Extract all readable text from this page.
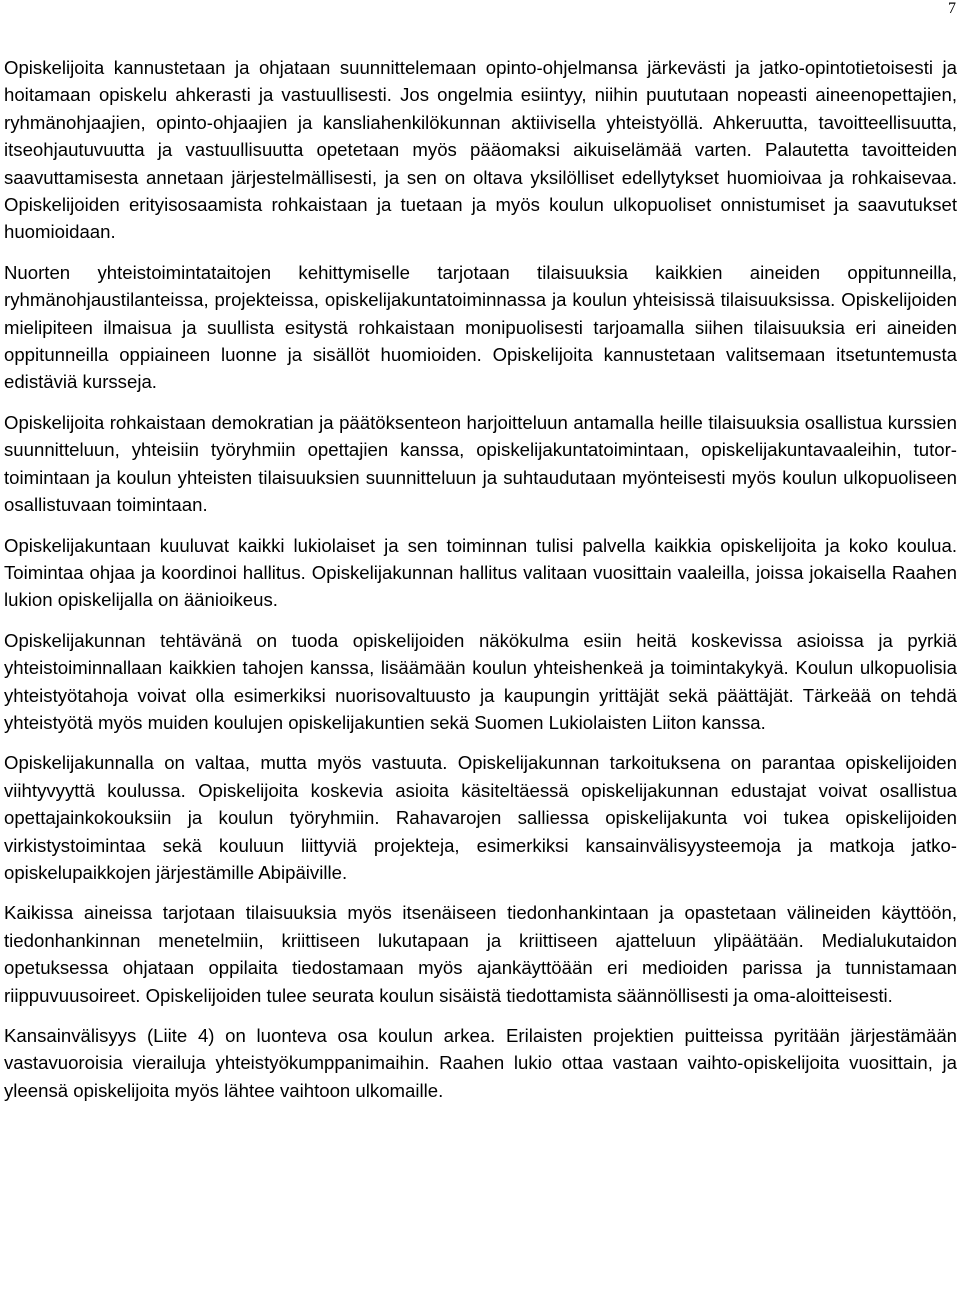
7

Opiskelijoita kannustetaan ja ohjataan suunnittelemaan opinto-ohjelmansa järkevästi ja jatko-opintotietoisesti ja hoitamaan opiskelu ahkerasti ja vastuullisesti. Jos ongelmia esiintyy, niihin puututaan nopeasti aineenopettajien, ryhmänohjaajien, opinto-ohjaajien ja kansliahenkilökunnan aktiivisella yhteistyöllä. Ahkeruutta, tavoitteellisuutta, itseohjautuvuutta ja vastuullisuutta opetetaan myös pääomaksi aikuiselämää varten. Palautetta tavoitteiden saavuttamisesta annetaan järjestelmällisesti, ja sen on oltava yksilölliset edellytykset huomioivaa ja rohkaisevaa. Opiskelijoiden erityisosaamista rohkaistaan ja tuetaan ja myös koulun ulkopuoliset onnistumiset ja saavutukset huomioidaan.

Nuorten yhteistoimintataitojen kehittymiselle tarjotaan tilaisuuksia kaikkien aineiden oppitunneilla, ryhmänohjaustilanteissa, projekteissa, opiskelijakuntatoiminnassa ja koulun yhteisissä tilaisuuksissa. Opiskelijoiden mielipiteen ilmaisua ja suullista esitystä rohkaistaan monipuolisesti tarjoamalla siihen tilaisuuksia eri aineiden oppitunneilla oppiaineen luonne ja sisällöt huomioiden. Opiskelijoita kannustetaan valitsemaan itsetuntemusta edistäviä kursseja.

Opiskelijoita rohkaistaan demokratian ja päätöksenteon harjoitteluun antamalla heille tilaisuuksia osallistua kurssien suunnitteluun, yhteisiin työryhmiin opettajien kanssa, opiskelijakuntatoimintaan, opiskelijakuntavaaleihin, tutor-toimintaan ja koulun yhteisten tilaisuuksien suunnitteluun ja suhtaudutaan myönteisesti myös koulun ulkopuoliseen osallistuvaan toimintaan.

Opiskelijakuntaan kuuluvat kaikki lukiolaiset ja sen toiminnan tulisi palvella kaikkia opiskelijoita ja koko koulua. Toimintaa ohjaa ja koordinoi hallitus. Opiskelijakunnan hallitus valitaan vuosittain vaaleilla, joissa jokaisella Raahen lukion opiskelijalla on äänioikeus.

Opiskelijakunnan tehtävänä on tuoda opiskelijoiden näkökulma esiin heitä koskevissa asioissa ja pyrkiä yhteistoiminnallaan kaikkien tahojen kanssa, lisäämään koulun yhteishenkeä ja toimintakykyä. Koulun ulkopuolisia yhteistyötahoja voivat olla esimerkiksi nuorisovaltuusto ja kaupungin yrittäjät sekä päättäjät. Tärkeää on tehdä yhteistyötä myös muiden koulujen opiskelijakuntien sekä Suomen Lukiolaisten Liiton kanssa.

Opiskelijakunnalla on valtaa, mutta myös vastuuta. Opiskelijakunnan tarkoituksena on parantaa opiskelijoiden viihtyvyyttä koulussa. Opiskelijoita koskevia asioita käsiteltäessä opiskelijakunnan edustajat voivat osallistua opettajainkokouksiin ja koulun työryhmiin. Rahavarojen salliessa opiskelijakunta voi tukea opiskelijoiden virkistystoimintaa sekä kouluun liittyviä projekteja, esimerkiksi kansainvälisyysteemoja ja matkoja jatko-opiskelupaikkojen järjestämille Abipäiville.

Kaikissa aineissa tarjotaan tilaisuuksia myös itsenäiseen tiedonhankintaan ja opastetaan välineiden käyttöön, tiedonhankinnan menetelmiin, kriittiseen lukutapaan ja kriittiseen ajatteluun ylipäätään. Medialukutaidon opetuksessa ohjataan oppilaita tiedostamaan myös ajankäyttöään eri medioiden parissa ja tunnistamaan riippuvuusoireet. Opiskelijoiden tulee seurata koulun sisäistä tiedottamista säännöllisesti ja oma-aloitteisesti.

Kansainvälisyys (Liite 4) on luonteva osa koulun arkea. Erilaisten projektien puitteissa pyritään järjestämään vastavuoroisia vierailuja yhteistyökumppanimaihin. Raahen lukio ottaa vastaan vaihto-opiskelijoita vuosittain, ja yleensä opiskelijoita myös lähtee vaihtoon ulkomaille.
